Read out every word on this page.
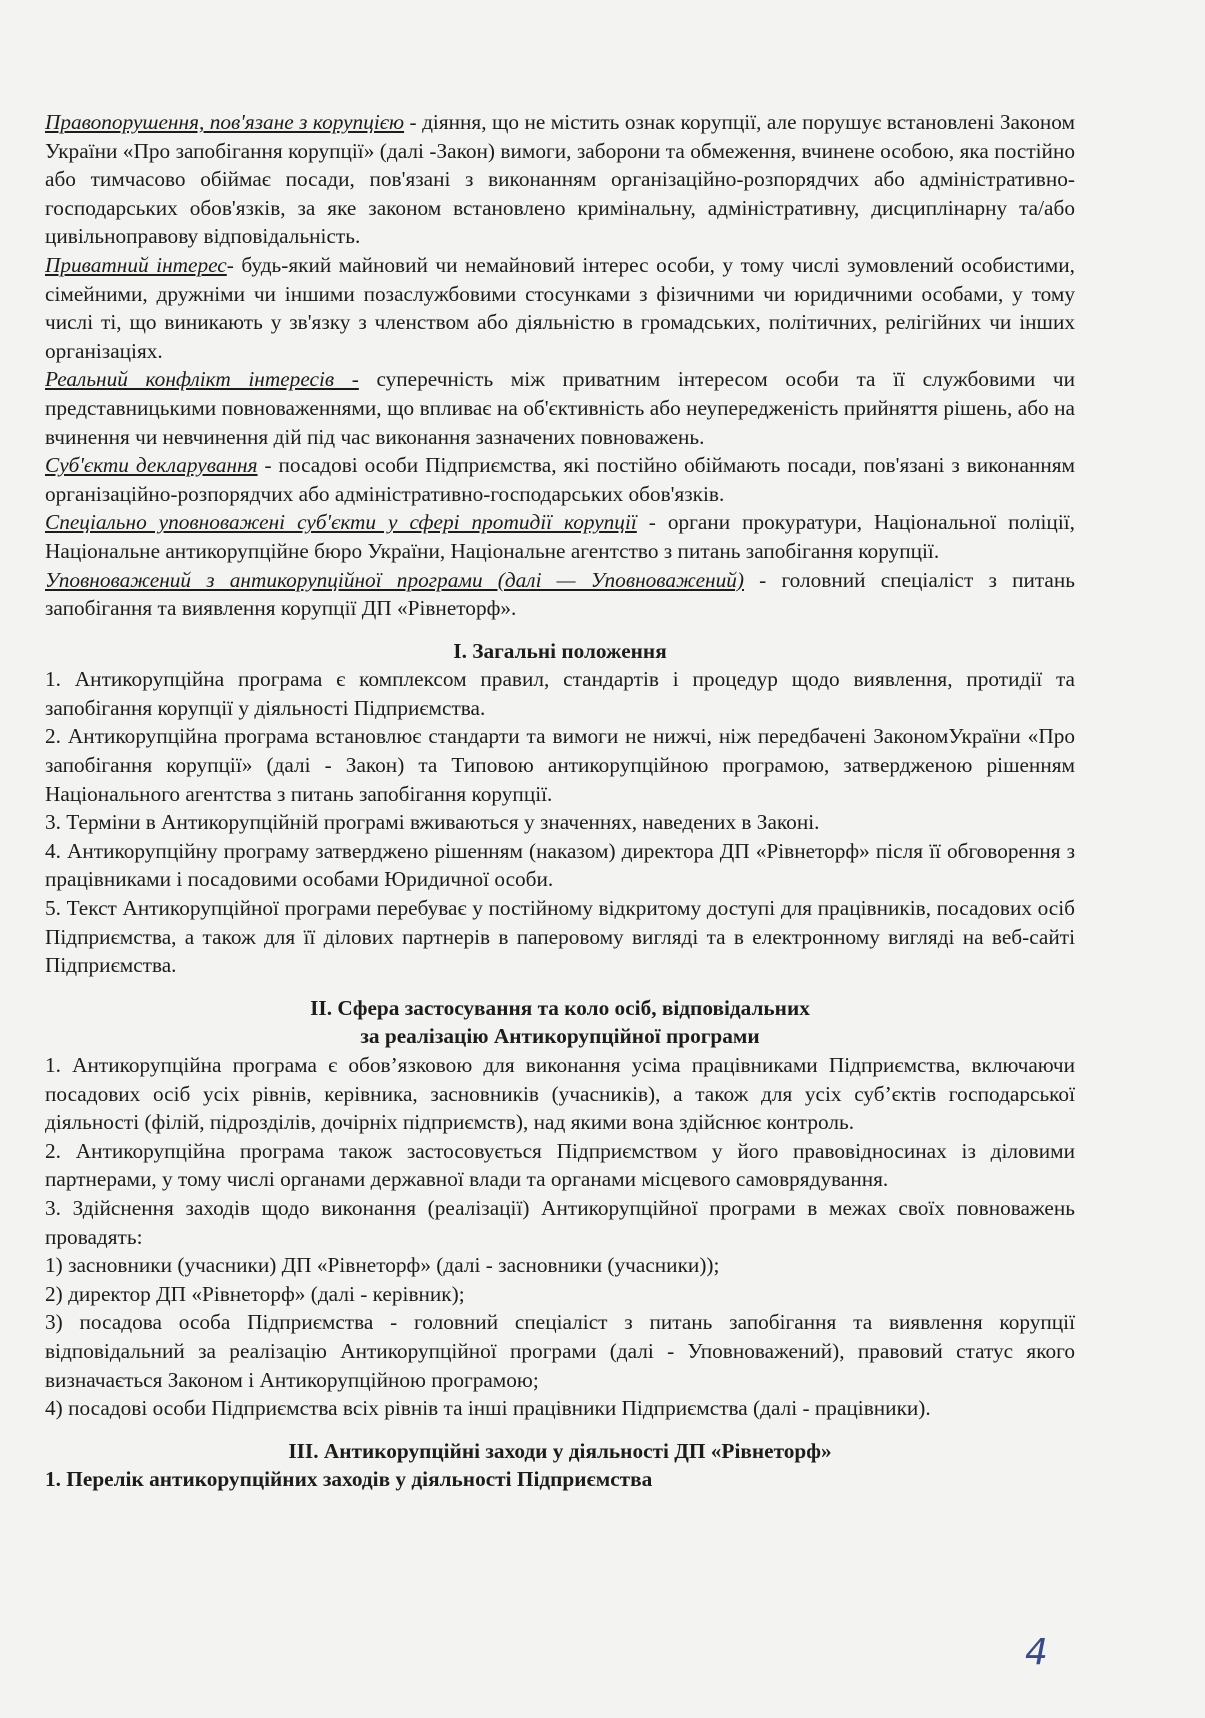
Правопорушення, пов'язане з корупцією - діяння, що не містить ознак корупції, але порушує встановлені Законом України «Про запобігання корупції» (далі -Закон) вимоги, заборони та обмеження, вчинене особою, яка постійно або тимчасово обіймає посади, пов'язані з виконанням організаційно-розпорядчих або адміністративно-господарських обов'язків, за яке законом встановлено кримінальну, адміністративну, дисциплінарну та/або цивільноправову відповідальність.

Приватний інтерес- будь-який майновий чи немайновий інтерес особи, у тому числі зумовлений особистими, сімейними, дружніми чи іншими позаслужбовими стосунками з фізичними чи юридичними особами, у тому числі ті, що виникають у зв'язку з членством або діяльністю в громадських, політичних, релігійних чи інших організаціях.

Реальний конфлікт інтересів - суперечність між приватним інтересом особи та її службовими чи представницькими повноваженнями, що впливає на об'єктивність або неупередженість прийняття рішень, або на вчинення чи невчинення дій під час виконання зазначених повноважень.

Суб'єкти декларування - посадові особи Підприємства, які постійно обіймають посади, пов'язані з виконанням організаційно-розпорядчих або адміністративно-господарських обов'язків.

Спеціально уповноважені суб'єкти у сфері протидії корупції - органи прокуратури, Національної поліції, Національне антикорупційне бюро України, Національне агентство з питань запобігання корупції.

Уповноважений з антикорупційної програми (далі — Уповноважений) - головний спеціаліст з питань запобігання та виявлення корупції ДП «Рівнеторф».

І. Загальні положення

1. Антикорупційна програма є комплексом правил, стандартів і процедур щодо виявлення, протидії та запобігання корупції у діяльності Підприємства.

2. Антикорупційна програма встановлює стандарти та вимоги не нижчі, ніж передбачені ЗакономУкраїни «Про запобігання корупції» (далі - Закон) та Типовою антикорупційною програмою, затвердженою рішенням Національного агентства з питань запобігання корупції.

3. Терміни в Антикорупційній програмі вживаються у значеннях, наведених в Законі.

4. Антикорупційну програму затверджено рішенням (наказом) директора ДП «Рівнеторф» після її обговорення з працівниками і посадовими особами Юридичної особи.

5. Текст Антикорупційної програми перебуває у постійному відкритому доступі для працівників, посадових осіб Підприємства, а також для її ділових партнерів в паперовому вигляді та в електронному вигляді на веб-сайті Підприємства.

ІІ. Сфера застосування та коло осіб, відповідальних

за реалізацію Антикорупційної програми

1. Антикорупційна програма є обов’язковою для виконання усіма працівниками Підприємства, включаючи посадових осіб усіх рівнів, керівника, засновників (учасників), а також для усіх суб’єктів господарської діяльності (філій, підрозділів, дочірніх підприємств), над якими вона здійснює контроль.

2. Антикорупційна програма також застосовується Підприємством у його правовідносинах із діловими партнерами, у тому числі органами державної влади та органами місцевого самоврядування.

3. Здійснення заходів щодо виконання (реалізації) Антикорупційної програми в межах своїх повноважень провадять:

1) засновники (учасники) ДП «Рівнеторф» (далі - засновники (учасники));

2) директор ДП «Рівнеторф» (далі - керівник);

3) посадова особа Підприємства - головний спеціаліст з питань запобігання та виявлення корупції відповідальний за реалізацію Антикорупційної програми (далі - Уповноважений), правовий статус якого визначається Законом і Антикорупційною програмою;

4) посадові особи Підприємства всіх рівнів та інші працівники Підприємства (далі - працівники).

ІІІ. Антикорупційні заходи у діяльності ДП «Рівнеторф»

1. Перелік антикорупційних заходів у діяльності Підприємства

4
